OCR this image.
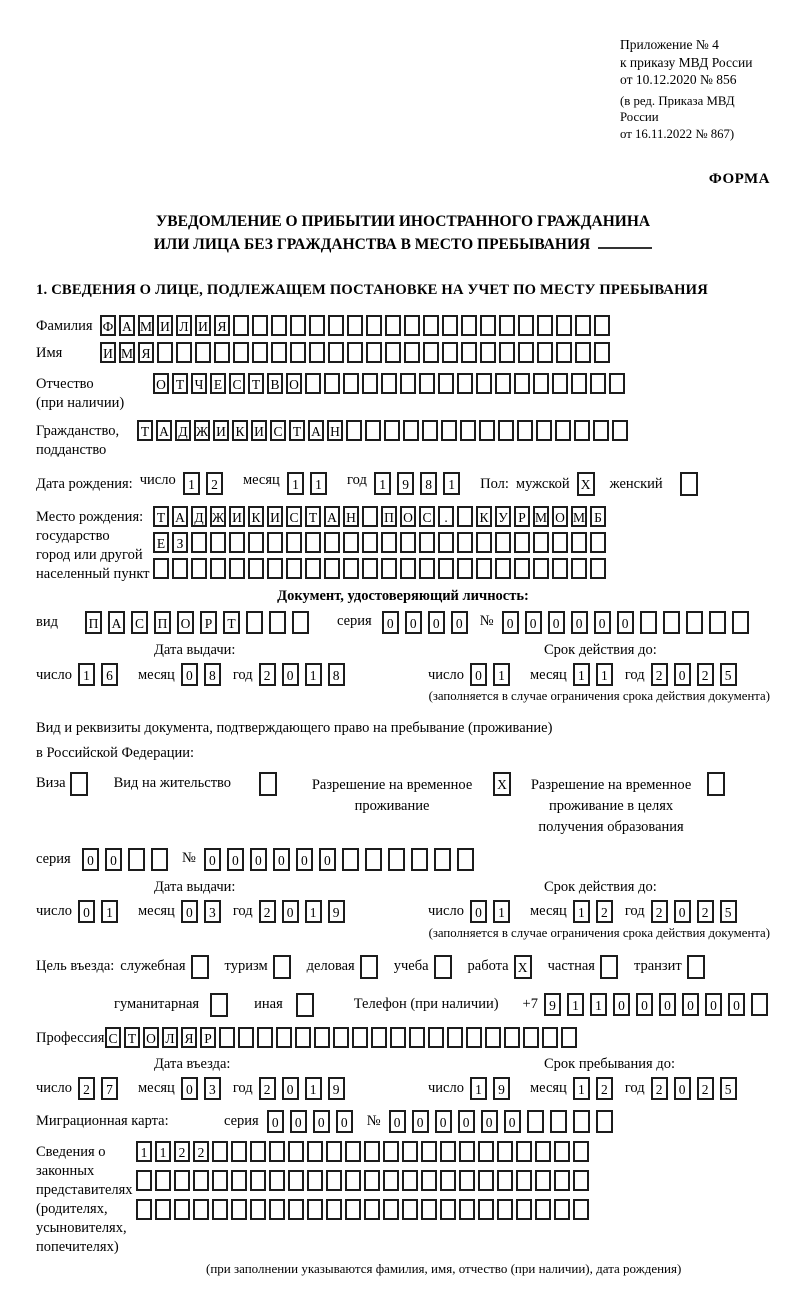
Приложение № 4
к приказу МВД России
от 10.12.2020 № 856
(в ред. Приказа МВД России
от 16.11.2022 № 867)
ФОРМА
УВЕДОМЛЕНИЕ О ПРИБЫТИИ ИНОСТРАННОГО ГРАЖДАНИНА
ИЛИ ЛИЦА БЕЗ ГРАЖДАНСТВА В МЕСТО ПРЕБЫВАНИЯ
1. СВЕДЕНИЯ О ЛИЦЕ, ПОДЛЕЖАЩЕМ ПОСТАНОВКЕ НА УЧЕТ ПО МЕСТУ ПРЕБЫВАНИЯ
Фамилия Ф А М И Л И Я
Имя	И М Я
Отчество
(при наличии)
О Т Ч Е С Т В О
Гражданство,
подданство
Т А Д Ж И К И С Т А Н
Дата рождения: число 1 2	месяц 1 1	год 1 9 8 1	Пол: мужской X женский
Место рождения:
государство
город или другой
населенный пункт
Т А Д Ж И К И С Т А Н П О С . К У Р М О М Б
Е З
Документ, удостоверяющий личность:
вид	П А С П О Р Т	серия	0 0 0 0	№ 0 0 0 0 0 0
Дата выдачи:
число 1 6	месяц 0 8	год 2 0 1 8
Срок действия до:
число 0 1	месяц 1 1	год 2 0 2 5
(заполняется в случае ограничения срока действия документа)
Вид и реквизиты документа, подтверждающего право на пребывание (проживание)
в Российской Федерации:
Виза	Вид на жительство	Разрешение на временное
проживание
X	Разрешение на временное
проживание в целях
получения образования
серия	0 0	№ 0 0 0 0 0 0
Дата выдачи:
число 0 1	месяц 0 3	год 2 0 1 9
Срок действия до:
число 0 1	месяц 1 2	год 2 0 2 5
(заполняется в случае ограничения срока действия документа)
Цель въезда: служебная	туризм	деловая	учеба	работа X	частная	транзит
гуманитарная	иная	Телефон (при наличии) +7 9 1 1 0 0 0 0 0 0
Профессия С Т О Л Я Р
Дата въезда:
число 2 7	месяц 0 3	год 2 0 1 9
Срок пребывания до:
число 1 9	месяц 1 2	год 2 0 2 5
Миграционная карта:	серия 0 0 0 0	№ 0 0 0 0 0 0
Сведения о
законных
представителях
(родителях,
усыновителях,
попечителях)
1 1 2 2
(при заполнении указываются фамилия, имя, отчество (при наличии), дата рождения)
